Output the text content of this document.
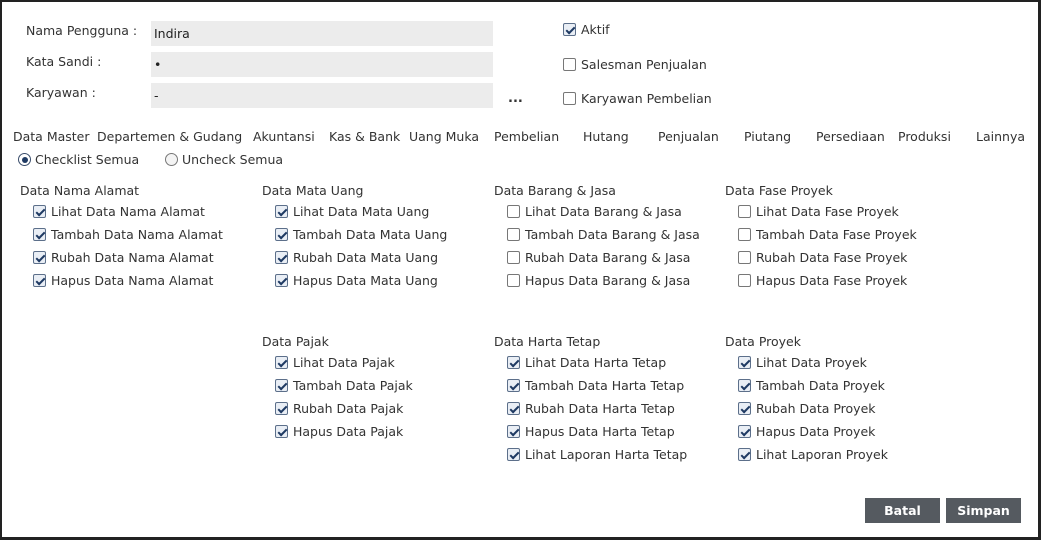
Nama Pengguna :
Indira
Kata Sandi :
•
Karyawan :
-	...
Aktif
Salesman Penjualan
Karyawan Pembelian
Data Master Departemen & Gudang Akuntansi Kas & Bank Uang Muka Pembelian Hutang Penjualan Piutang Persediaan Produksi Lainnya
Checklist Semua	Uncheck Semua
Data Nama Alamat
Lihat Data Nama Alamat
Tambah Data Nama Alamat
Rubah Data Nama Alamat
Hapus Data Nama Alamat
Data Mata Uang
Lihat Data Mata Uang
Tambah Data Mata Uang
Rubah Data Mata Uang
Hapus Data Mata Uang
Data Barang & Jasa
Lihat Data Barang & Jasa
Tambah Data Barang & Jasa
Rubah Data Barang & Jasa
Hapus Data Barang & Jasa
Data Fase Proyek
Lihat Data Fase Proyek
Tambah Data Fase Proyek
Rubah Data Fase Proyek
Hapus Data Fase Proyek
Data Pajak
Lihat Data Pajak
Tambah Data Pajak
Rubah Data Pajak
Hapus Data Pajak
Data Harta Tetap
Lihat Data Harta Tetap
Tambah Data Harta Tetap
Rubah Data Harta Tetap
Hapus Data Harta Tetap
Lihat Laporan Harta Tetap
Data Proyek
Lihat Data Proyek
Tambah Data Proyek
Rubah Data Proyek
Hapus Data Proyek
Lihat Laporan Proyek
Batal	Simpan
